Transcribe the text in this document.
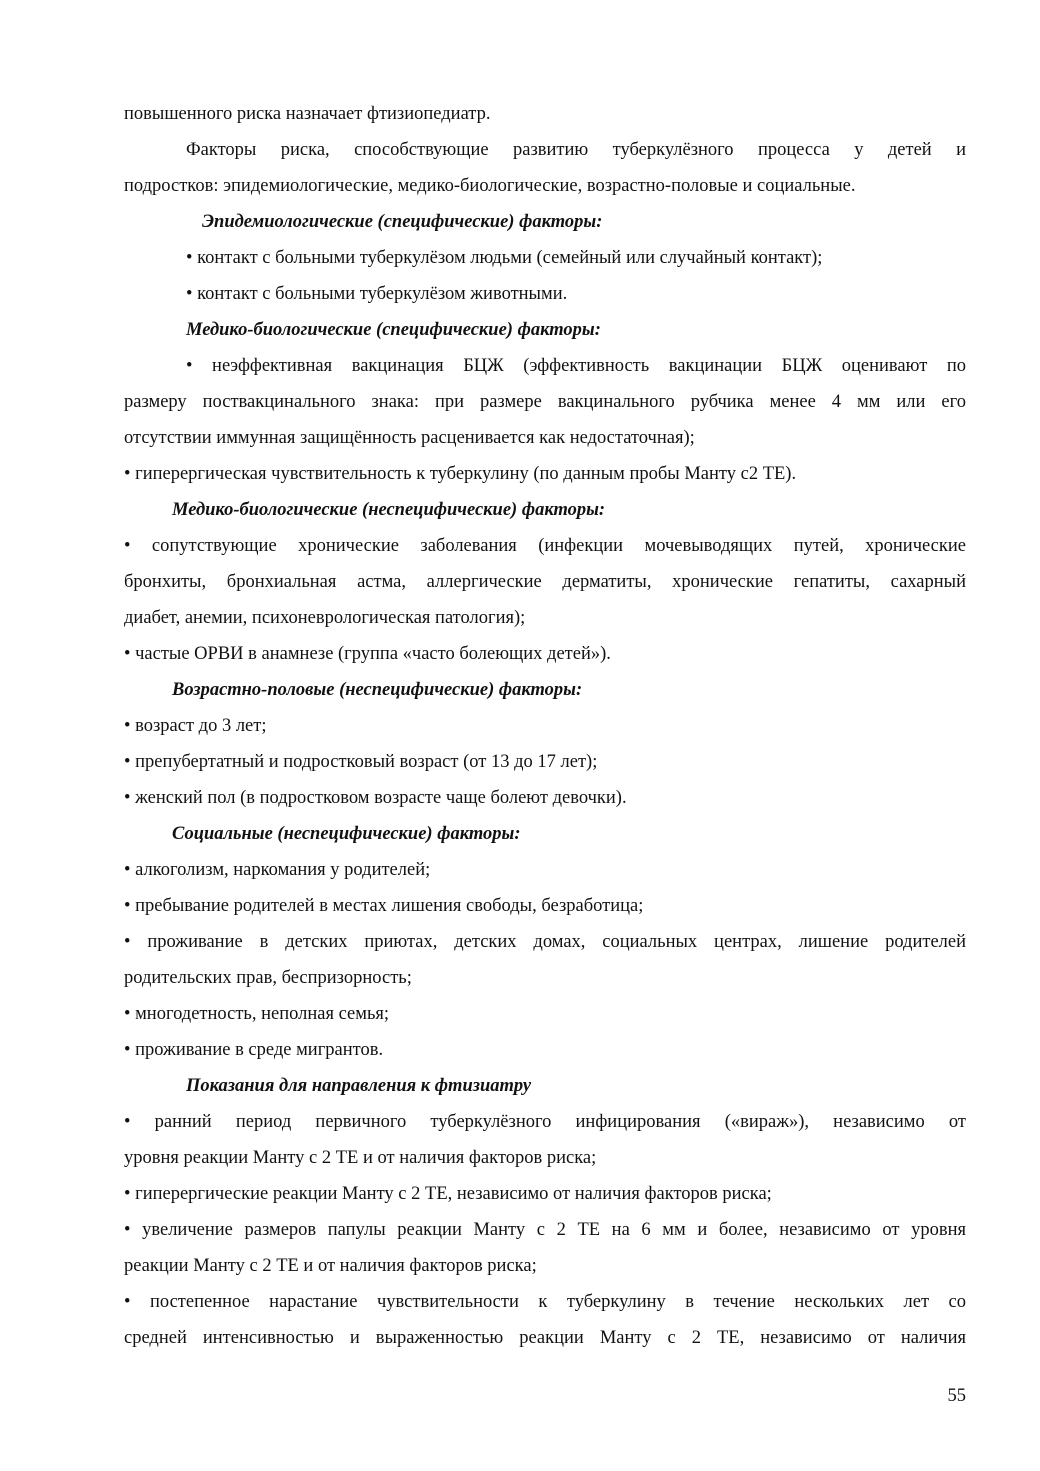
повышенного риска назначает фтизиопедиатр.
Факторы риска, способствующие развитию туберкулёзного процесса у детей и
подростков: эпидемиологические, медико-биологические, возрастно-половые и социальные.
Эпидемиологические (специфические) факторы:
• контакт с больными туберкулёзом людьми (семейный или случайный контакт);
• контакт с больными туберкулёзом животными.
Медико-биологические (специфические) факторы:
• неэффективная вакцинация БЦЖ (эффективность вакцинации БЦЖ оценивают по
размеру поствакцинального знака: при размере вакцинального рубчика менее 4 мм или его
отсутствии иммунная защищённость расценивается как недостаточная);
• гиперергическая чувствительность к туберкулину (по данным пробы Манту с2 ТЕ).
Медико-биологические (неспецифические) факторы:
• сопутствующие хронические заболевания (инфекции мочевыводящих путей, хронические
бронхиты, бронхиальная астма, аллергические дерматиты, хронические гепатиты, сахарный
диабет, анемии, психоневрологическая патология);
• частые ОРВИ в анамнезе (группа «часто болеющих детей»).
Возрастно-половые (неспецифические) факторы:
• возраст до 3 лет;
• препубертатный и подростковый возраст (от 13 до 17 лет);
• женский пол (в подростковом возрасте чаще болеют девочки).
Социальные (неспецифические) факторы:
• алкоголизм, наркомания у родителей;
• пребывание родителей в местах лишения свободы, безработица;
• проживание в детских приютах, детских домах, социальных центрах, лишение родителей
родительских прав, беспризорность;
• многодетность, неполная семья;
• проживание в среде мигрантов.
Показания для направления к фтизиатру
• ранний период первичного туберкулёзного инфицирования («вираж»), независимо от
уровня реакции Манту с 2 ТЕ и от наличия факторов риска;
• гиперергические реакции Манту с 2 ТЕ, независимо от наличия факторов риска;
• увеличение размеров папулы реакции Манту с 2 ТЕ на 6 мм и более, независимо от уровня
реакции Манту с 2 ТЕ и от наличия факторов риска;
• постепенное нарастание чувствительности к туберкулину в течение нескольких лет со
средней интенсивностью и выраженностью реакции Манту с 2 ТЕ, независимо от наличия
55
